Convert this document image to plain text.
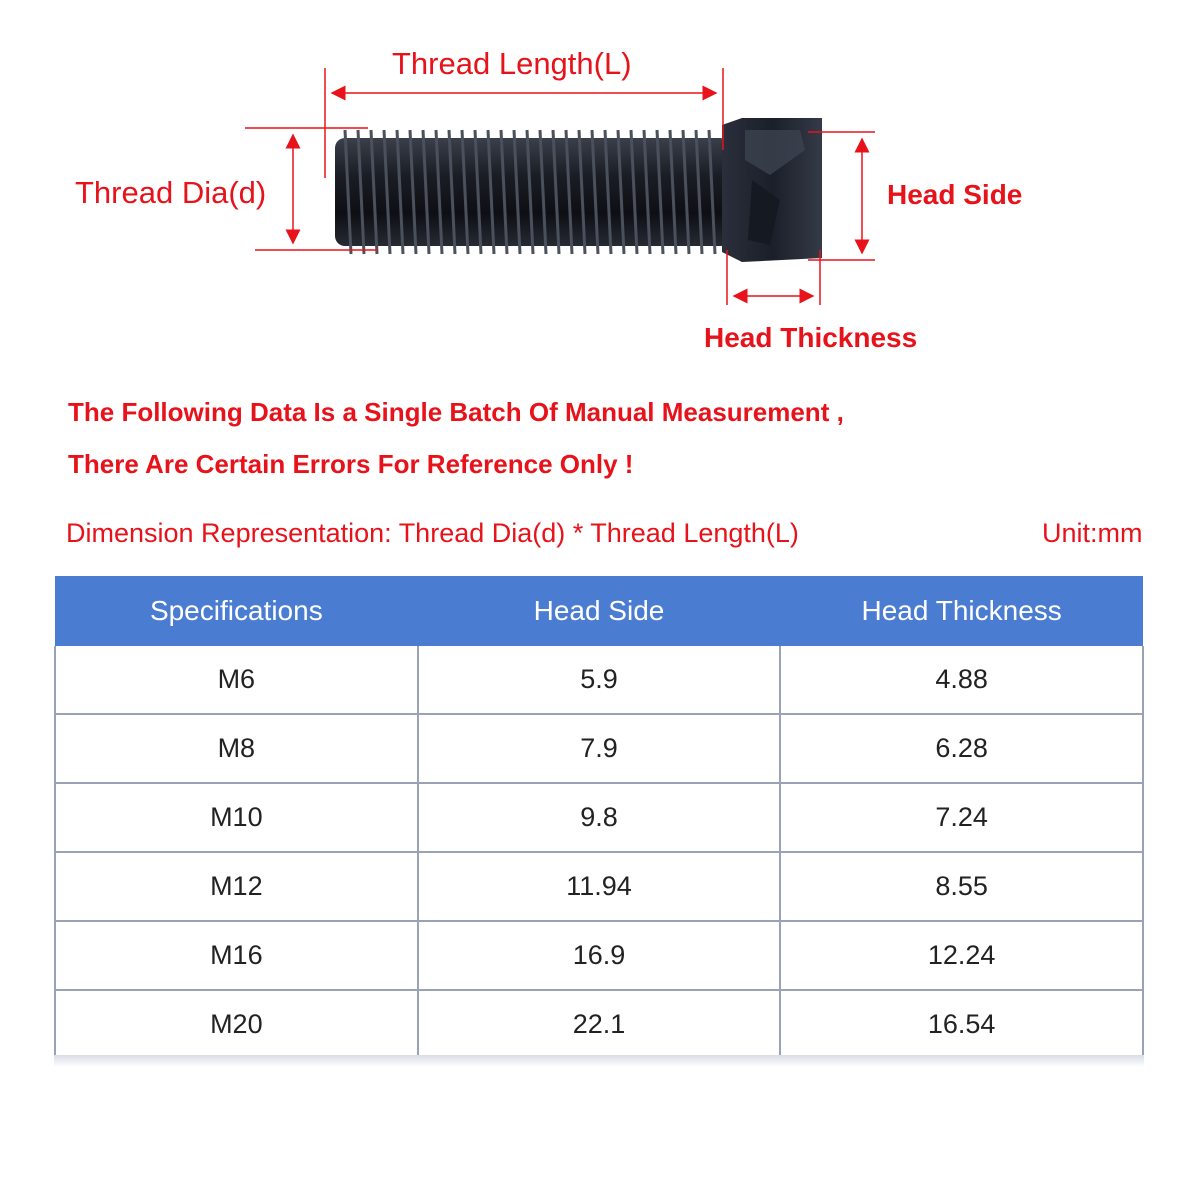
Thread Length(L)
Thread Dia(d)	Head Side
Head Thickness
The Following Data Is a Single Batch Of Manual Measurement ,
There Are Certain Errors For Reference Only !
Dimension Representation: Thread Dia(d) * Thread Length(L)	Unit:mm
Specifications	Head Side	Head Thickness
M6	5.9	4.88
M8	7.9	6.28
M10	9.8	7.24
M12	11.94	8.55
M16	16.9	12.24
M20	22.1	16.54
